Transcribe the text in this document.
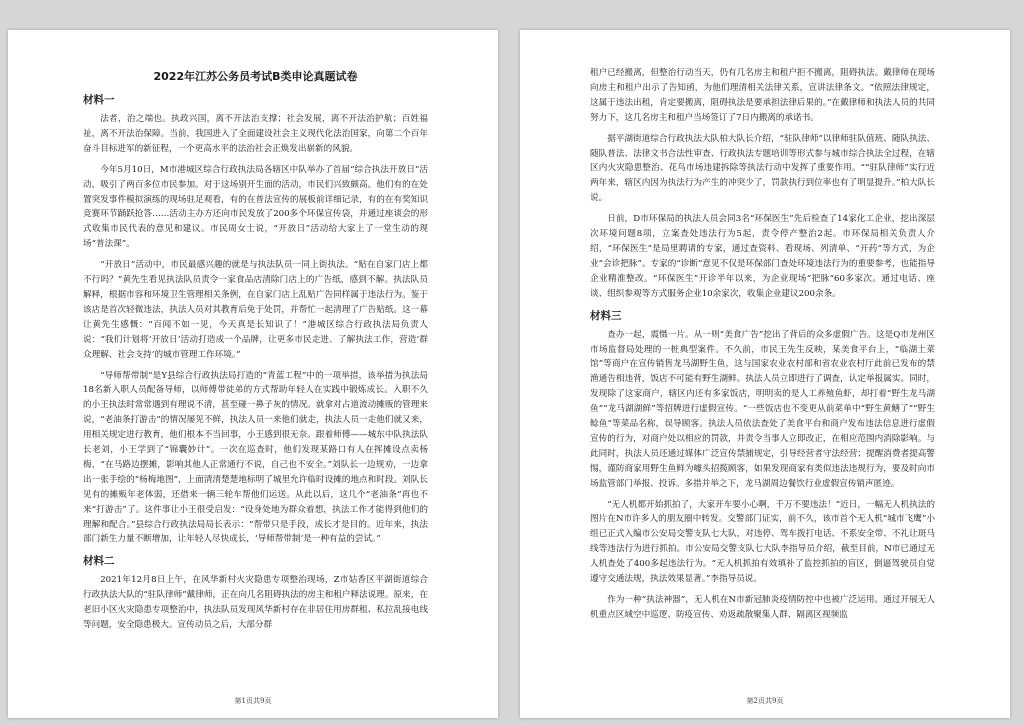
2022年江苏公务员考试B类申论真题试卷
材料一

法者，治之端也。执政兴国，离不开法治支撑；社会发展，离不开法治护航；百姓福祉，离不开法治保障。当前，我国进入了全面建设社会主义现代化法治国家，向第二个百年奋斗目标进军的新征程，一个更高水平的法治社会正焕发出崭新的风貌。

今年5月10日，M市港城区综合行政执法局各辖区中队举办了首届“综合执法开放日”活动，吸引了两百多位市民参加。对于这场别开生面的活动，市民们兴致颇高。他们有的在处置突发事件模拟演练的现场驻足观看，有的在普法宣传的展板前详细记录，有的在有奖知识竞赛环节踊跃抢答……活动主办方还向市民发放了200多个环保宣传袋，并通过座谈会的形式收集市民代表的意见和建议。市民周女士说，“开放日”活动给大家上了一堂生动的现场“普法课”。

“开放日”活动中，市民最感兴趣的就是与执法队员一同上街执法。“贴在自家门店上都不行吗？”黄先生看见执法队员责令一家食品店清除门店上的广告纸，感到不解。执法队员解释，根据市容和环境卫生管理相关条例，在自家门店上乱贴广告同样属于违法行为。鉴于该店是首次轻微违法，执法人员对其教育后免于处罚，并帮忙一起清理了广告贴纸。这一幕让黄先生感慨：“百闻不如一见，今天真是长知识了！”港城区综合行政执法局负责人说：“我们计划将‘开放日’活动打造成一个品牌，让更多市民走进、了解执法工作，营造‘群众理解、社会支持’的城市管理工作环境。”

“导师帮带制”是Y县综合行政执法局打造的“青蓝工程”中的一项举措，该举措为执法局18名新入职人员配备导师，以师傅带徒弟的方式帮助年轻人在实践中锻炼成长。入职不久的小王执法时常常遇到有理说不清，甚至碰一鼻子灰的情况。就拿对占道流动摊贩的管理来说，“老油条打游击”的情况屡见不鲜，执法人员一来他们就走，执法人员一走他们就又来，用相关规定进行教育，他们根本不当回事，小王感到很无奈。跟着师傅——城东中队执法队长老刘，小王学到了“锦囊妙计”。一次在巡查时，他们发现某路口有人在挥摊设点卖杨梅，“在马路边摆摊，影响其他人正常通行不说，自己也不安全。”刘队长一边规劝，一边拿出一张手绘的“杨梅地图”，上面清清楚楚地标明了城里允许临时设摊的地点和时段。刘队长见有的摊贩年老体弱，还借来一辆三轮车帮他们运送。从此以后，这几个“老油条”再也不来“打游击”了。这件事让小王很受启发：“设身处地为群众着想，执法工作才能得到他们的理解和配合。”县综合行政执法局局长表示：“帮带只是手段，成长才是目的。近年来，执法部门新生力量不断增加，让年轻人尽快成长，‘导师帮带制’是一种有益的尝试。”

材料二

2021年12月8日上午，在风华新村火灾隐患专项整治现场，Z市姑香区平湖街道综合行政执法大队的“驻队律师”戴律师，正在向几名阻碍执法的房主和租户释法说理。原来，在老旧小区火灾隐患专项整治中，执法队员发现风华新村存在非居住用房群租、私拉乱接电线等问题，安全隐患极大。宣传动员之后，大部分群

第1页共9页

租户已经搬离，但整治行动当天，仍有几名房主和租户拒不搬离，阻碍执法。戴律师在现场向房主和租户出示了告知函，为他们理清相关法律关系，宣讲法律条文。“依照法律规定，这属于违法出租，肯定要搬离，阻碍执法是要承担法律后果的。”在戴律师和执法人员的共同努力下，这几名房主和租户当场签订了7日内搬离的承诺书。

据平湖街道综合行政执法大队柏大队长介绍，“驻队律师”以律师驻队值班、随队执法、随队普法、法律文书合法性审查、行政执法专题培训等形式参与城市综合执法全过程，在辖区内火灾隐患整治、花鸟市场违建拆除等执法行动中发挥了重要作用。““驻队律师”实行近两年来，辖区内因为执法行为产生的冲突少了，罚款执行到位率也有了明显提升。”柏大队长说。

日前，D市环保局的执法人员会同3名“环保医生”先后检查了14家化工企业，挖出深层次环境问题8项，立案查处违法行为5起，责令停产整治2起。市环保局相关负责人介绍，“环保医生”是局里聘请的专家，通过查资料、看现场、列清单、“开药”等方式，为企业“会诊把脉”。专家的“诊断”意见不仅是环保部门查处环境违法行为的重要参考，也能指导企业精准整改。“环保医生”开诊半年以来，为企业现场“把脉”60多家次。通过电话、座谈、组织参观等方式服务企业10余家次，收集企业建议200余条。

材料三

查办一起，震慑一片。从一则“美食广告”挖出了背后的众多虚假广告。这是Q市龙州区市场监督局处理的一桩典型案件。不久前，市民王先生反映，某美食平台上，“临湖土菜馆”等商户在宣传销售龙马湖野生鱼，这与国家农业农村部和省农业农村厅此前已发布的禁渔通告相违背，饭店不可能有野生湖鲜。执法人员立即进行了调查，认定举报属实。同时，发现除了这家商户，辖区内还有多家饭店，明明卖的是人工养殖鱼虾，却打着“野生龙马湖鱼”“龙马湖湖鲜”等招牌进行虚假宣传。“一些饭店也不变更从前菜单中“野生黄鳝了”“野生鲶鱼”等菜品名称，误导顾客。执法人员依法查处了美食平台和商户发布违法信息进行虚假宣传的行为，对商户处以相应的罚款，并责令当事人立即改正，在相应范围内消除影响。与此同时，执法人员还通过媒体广泛宣传禁捕规定，引导经营者守法经营；提醒消费者提高警惕，谨防商家用野生鱼鲜为噱头招揽顾客，如果发现商家有类似违法违规行为，要及时向市场监管部门举报、投诉。多措并举之下，龙马湖周边餐饮行业虚假宣传销声匿迹。

“无人机都开始抓拍了，大家开车要小心啊，千万不要违法！”近日，一幅无人机执法的图片在N市许多人的朋友圈中转发。交警部门证实，前不久，该市首个无人机“城市飞鹰”小组已正式入编市公安局交警支队七大队，对违停、驾车拨打电话、不系安全带、不礼让斑马线等违法行为进行抓拍。市公安局交警支队七大队李指导员介绍，截至目前，N市已通过无人机查处了400多起违法行为。“无人机抓拍有效填补了监控抓拍的盲区，倒逼驾驶员自觉遵守交通法规，执法效果显著。”李指导员说。

作为一种“执法神器”，无人机在N市新冠肺炎疫情防控中也被广泛运用。通过开展无人机重点区域空中巡逻、防疫宣传、劝返疏散聚集人群、隔离区视频监

第2页共9页
